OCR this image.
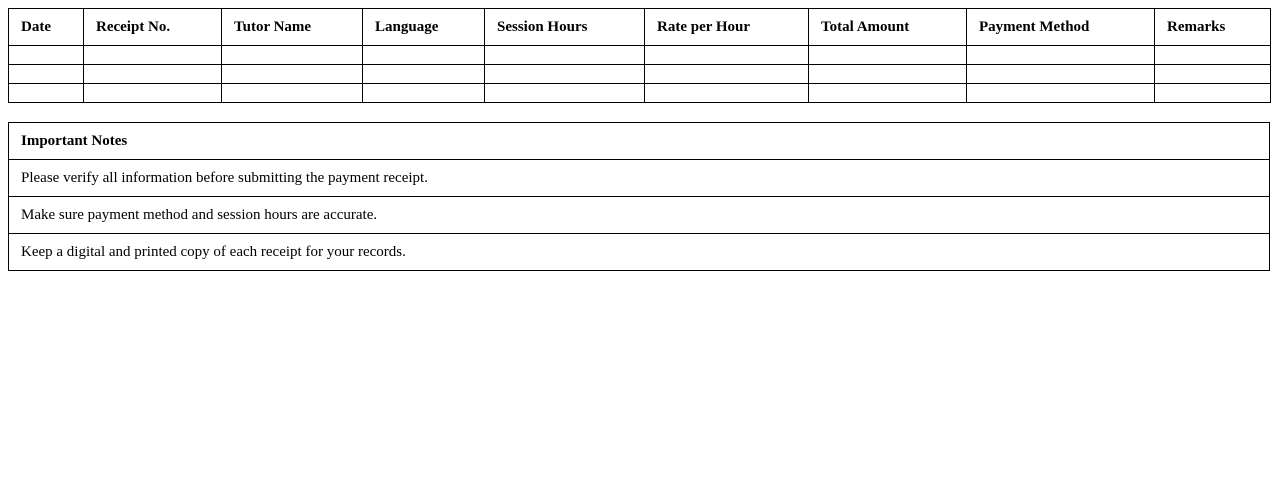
Date	Receipt No.	Tutor Name	Language	Session Hours	Rate per Hour	Total Amount	Payment Method	Remarks

Important Notes
Please verify all information before submitting the payment receipt.
Make sure payment method and session hours are accurate.
Keep a digital and printed copy of each receipt for your records.
